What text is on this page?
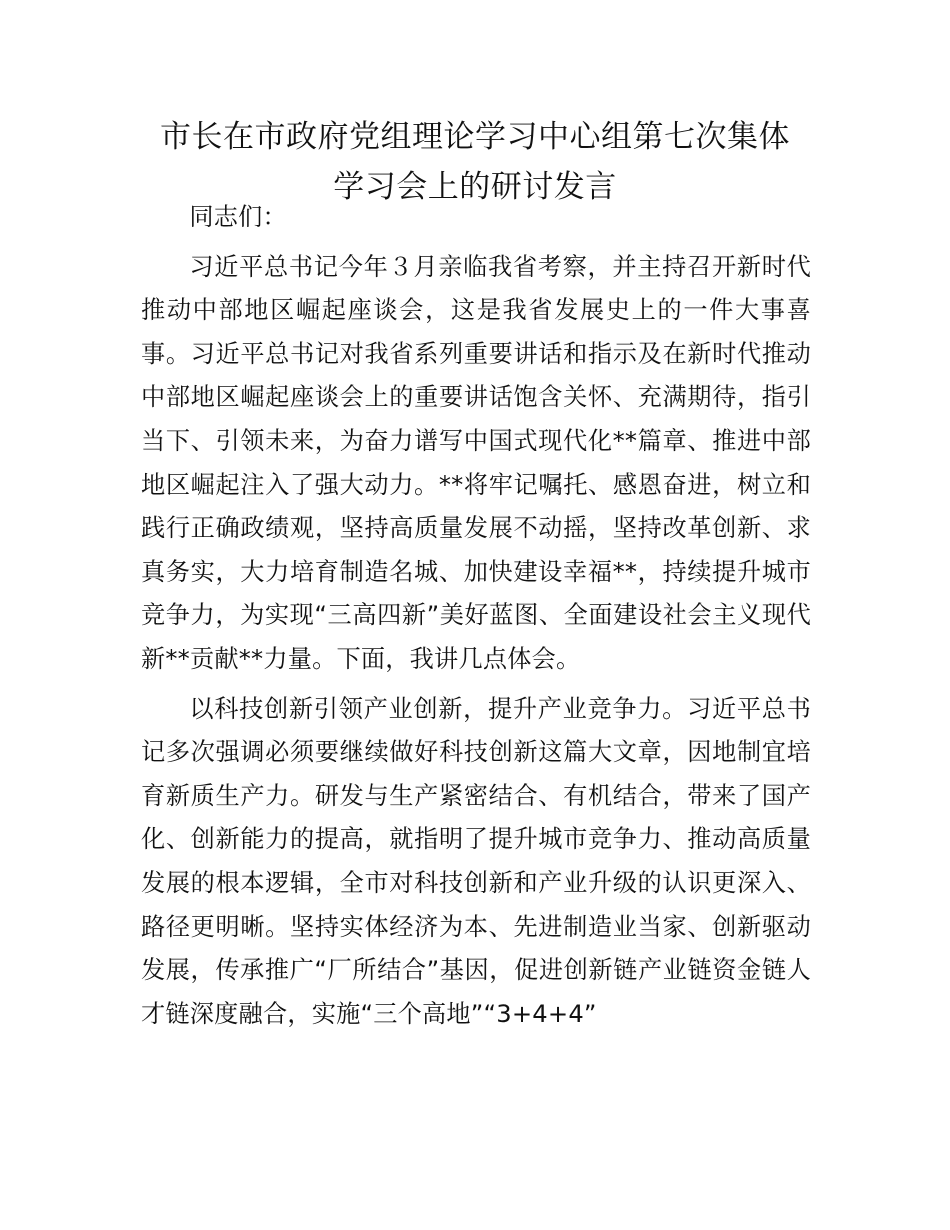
市长在市政府党组理论学习中心组第七次集体
学习会上的研讨发言

同志们：

习近平总书记今年３月亲临我省考察，并主持召开新时代推动中部地区崛起座谈会，这是我省发展史上的一件大事喜事。习近平总书记对我省系列重要讲话和指示及在新时代推动中部地区崛起座谈会上的重要讲话饱含关怀、充满期待，指引当下、引领未来，为奋力谱写中国式现代化**篇章、推进中部地区崛起注入了强大动力。**将牢记嘱托、感恩奋进，树立和践行正确政绩观，坚持高质量发展不动摇，坚持改革创新、求真务实，大力培育制造名城、加快建设幸福**，持续提升城市竞争力，为实现“三高四新”美好蓝图、全面建设社会主义现代新**贡献**力量。下面，我讲几点体会。

以科技创新引领产业创新，提升产业竞争力。习近平总书记多次强调必须要继续做好科技创新这篇大文章，因地制宜培育新质生产力。研发与生产紧密结合、有机结合，带来了国产化、创新能力的提高，就指明了提升城市竞争力、推动高质量发展的根本逻辑，全市对科技创新和产业升级的认识更深入、路径更明晰。坚持实体经济为本、先进制造业当家、创新驱动发展，传承推广“厂所结合”基因，促进创新链产业链资金链人才链深度融合，实施“三个高地”“3+4+4”
